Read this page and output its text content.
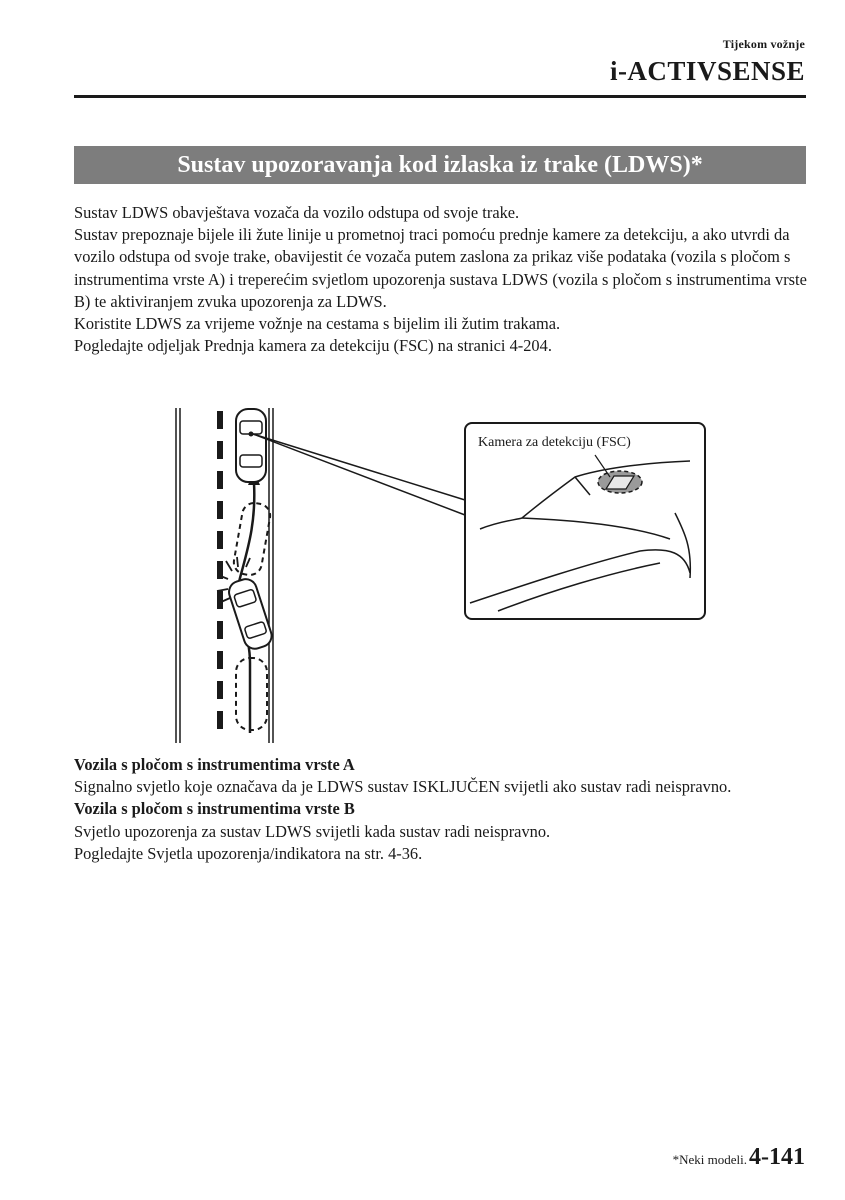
Tijekom vožnje
i-ACTIVSENSE
Sustav upozoravanja kod izlaska iz trake (LDWS)*

Sustav LDWS obavještava vozača da vozilo odstupa od svoje trake.

Sustav prepoznaje bijele ili žute linije u prometnoj traci pomoću prednje kamere za detekciju, a ako utvrdi da vozilo odstupa od svoje trake, obavijestit će vozača putem zaslona za prikaz više podataka (vozila s pločom s instrumentima vrste A) i treperećim svjetlom upozorenja sustava LDWS (vozila s pločom s instrumentima vrste B) te aktiviranjem zvuka upozorenja za LDWS.

Koristite LDWS za vrijeme vožnje na cestama s bijelim ili žutim trakama.

Pogledajte odjeljak Prednja kamera za detekciju (FSC) na stranici 4-204.

Kamera za detekciju (FSC)

Vozila s pločom s instrumentima vrste A

Signalno svjetlo koje označava da je LDWS sustav ISKLJUČEN svijetli ako sustav radi neispravno.

Vozila s pločom s instrumentima vrste B

Svjetlo upozorenja za sustav LDWS svijetli kada sustav radi neispravno.

Pogledajte Svjetla upozorenja/indikatora na str. 4-36.

*Neki modeli. 4-141
